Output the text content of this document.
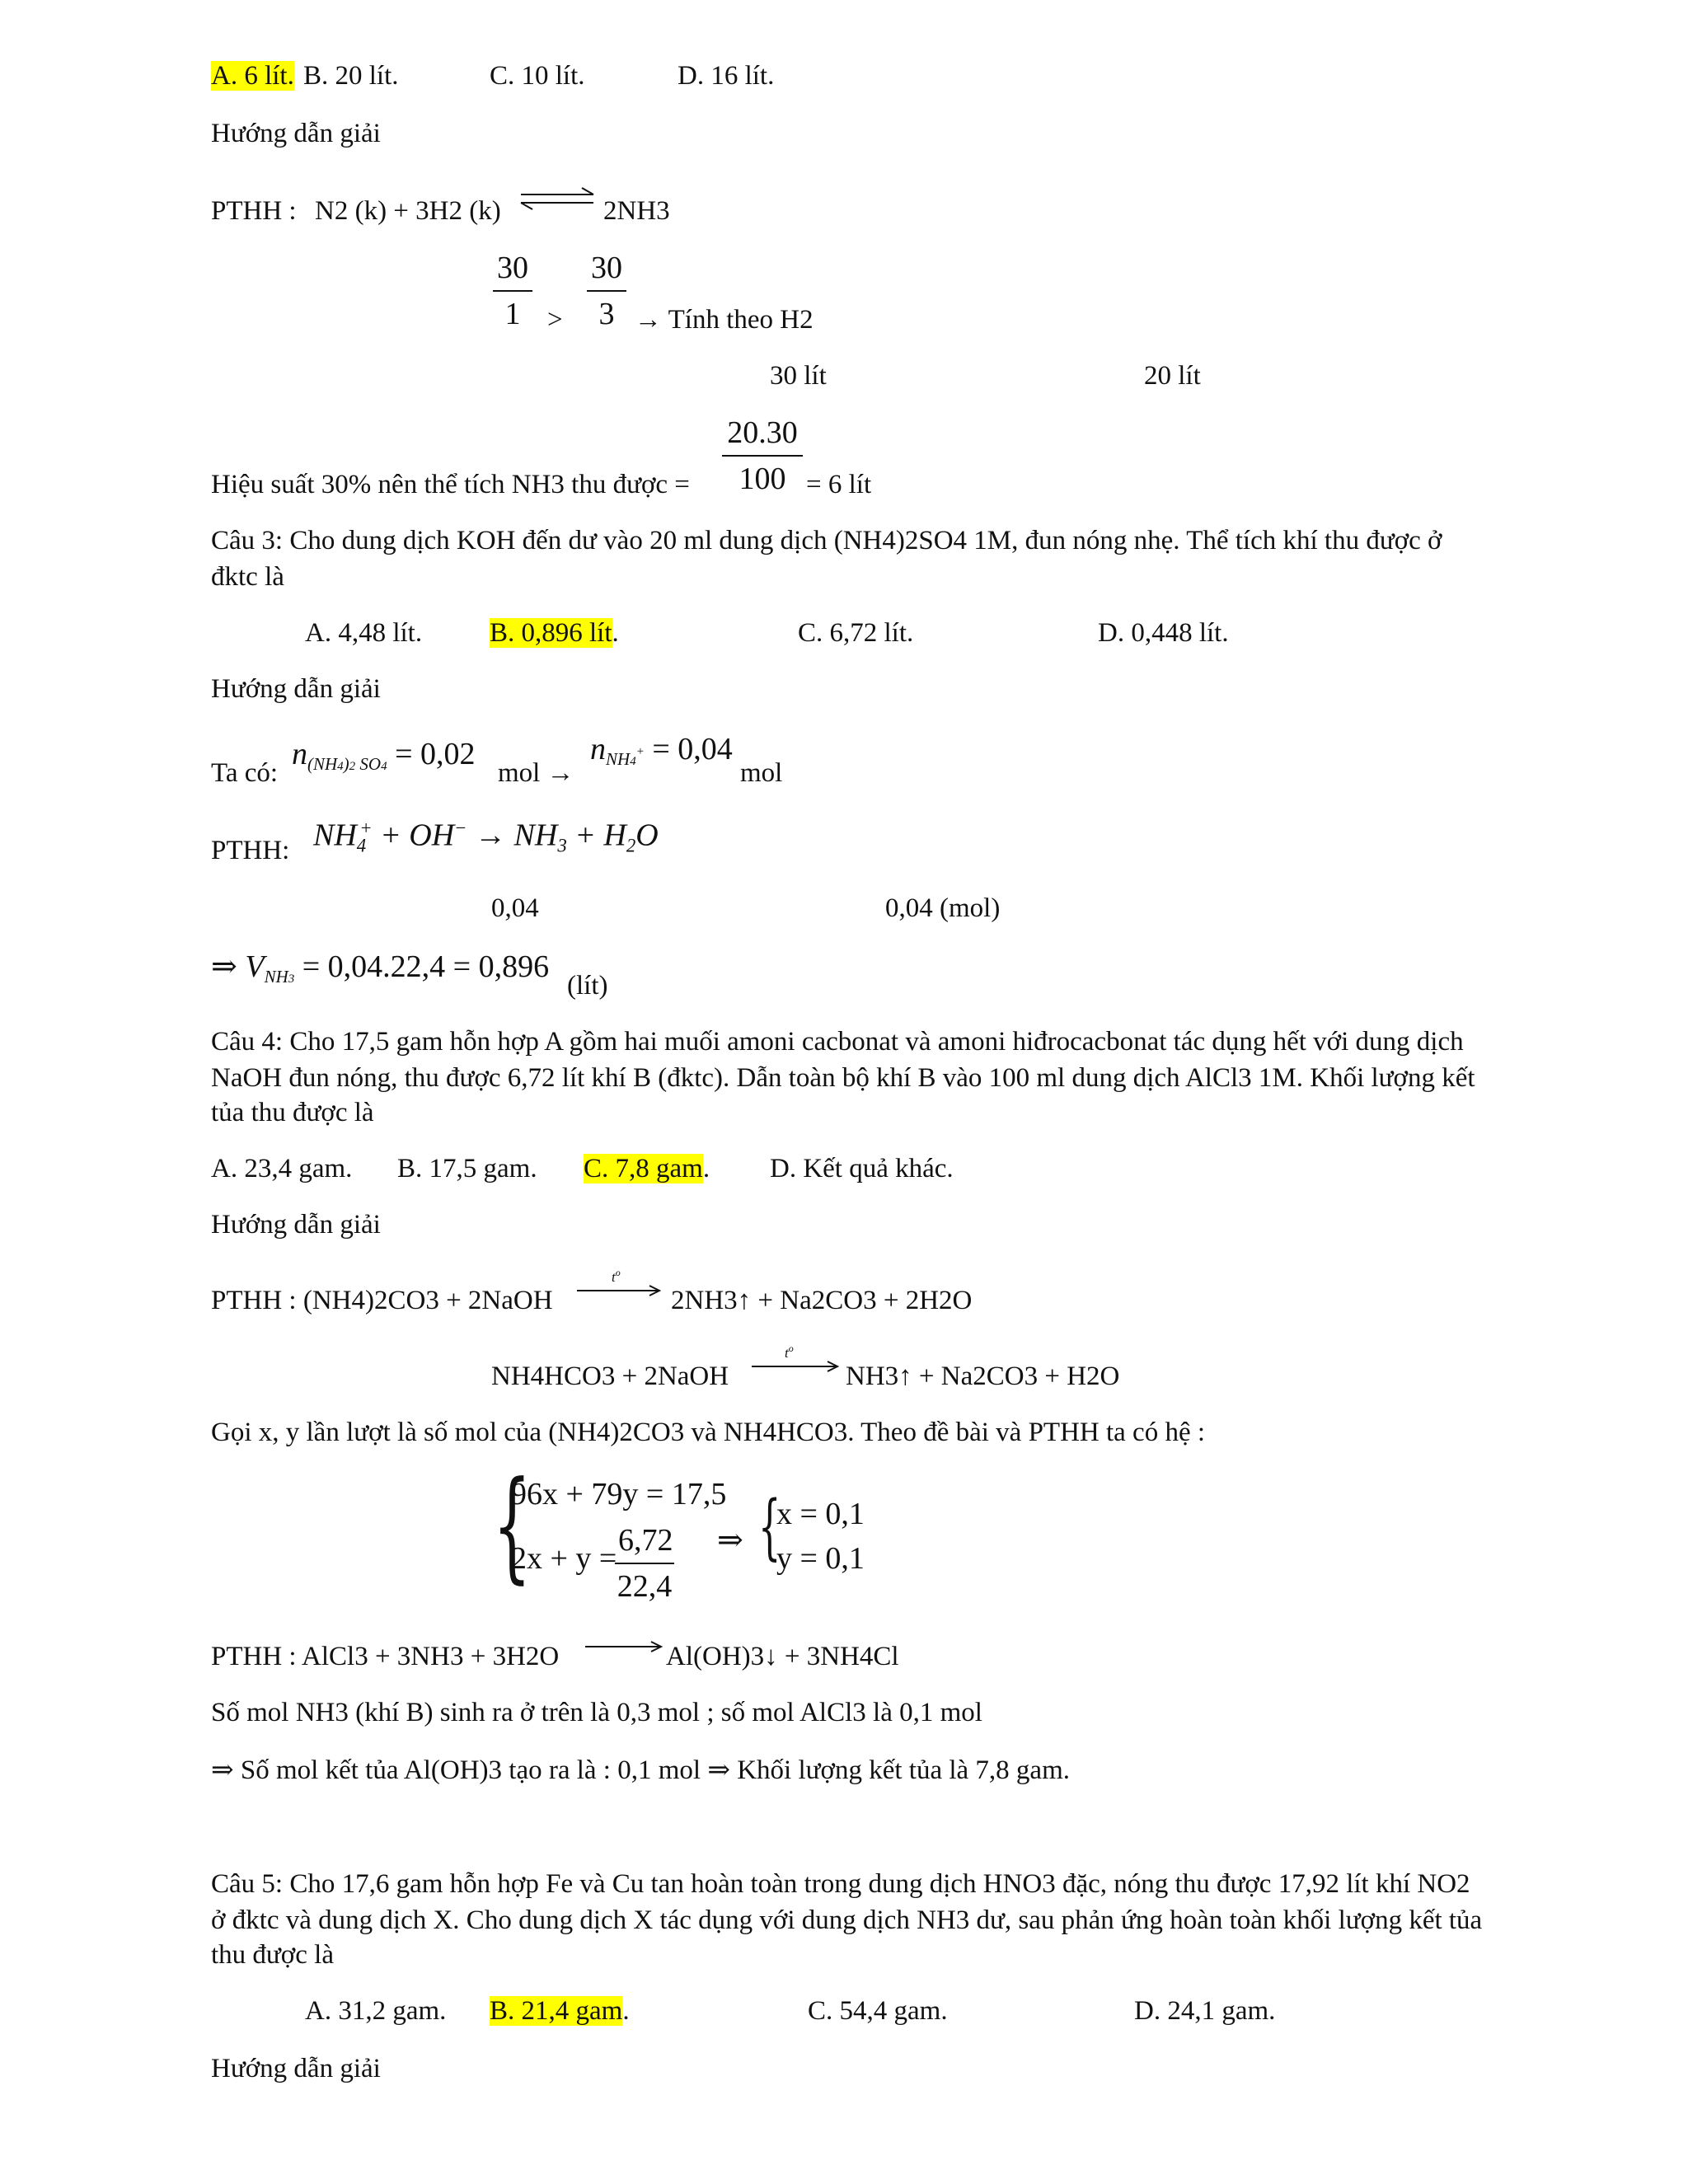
A. 6 lít. B. 20 lít.	C. 10 lít.	D. 16 lít.
Hướng dẫn giải
PTHH : N2 (k) + 3H2 (k) ⇌ 2NH3
$\frac{30}{1} > \frac{30}{3}$ → Tính theo H2
30 lít	20 lít
Hiệu suất 30% nên thể tích NH3 thu được = $\frac{20.30}{100} = 6$ lít
Câu 3: Cho dung dịch KOH đến dư vào 20 ml dung dịch (NH4)2SO4 1M, đun nóng nhẹ. Thể tích khí thu được ở
đktc là
A. 4,48 lít. B. 0,896 lít.	C. 6,72 lít.	D. 0,448 lít.
Hướng dẫn giải
Ta có:
$n_{(NH4)2 SO4} = 0,02$
mol →
$n_{NH4^+} = 0,04$
mol
PTHH: $NH_4^+ + OH^- \to NH_3 + H_2O$
0,04	0,04 (mol)
⇒ $V_{NH3} = 0,04.22,4 = 0,896$
(lít)
Câu 4: Cho 17,5 gam hỗn hợp A gồm hai muối amoni cacbonat và amoni hiđrocacbonat tác dụng hết với dung dịch
NaOH đun nóng, thu được 6,72 lít khí B (đktc). Dẫn toàn bộ khí B vào 100 ml dung dịch AlCl3 1M. Khối lượng kết
tủa thu được là
A. 23,4 gam. B. 17,5 gam. C. 7,8 gam. D. Kết quả khác.
Hướng dẫn giải
PTHH : (NH4)2CO3 + 2NaOH
$t^o$
→ 2NH3↑ + Na2CO3 + 2H2O
NH4HCO3 + 2NaOH
$t^o$
→ NH3↑ + Na2CO3 + H2O
Gọi x, y lần lượt là số mol của (NH4)2CO3 và NH4HCO3. Theo đề bài và PTHH ta có hệ :
{
96x + 79y = 17,5
2x + y =
$\frac{6,72}{22,4}$ ⇒ {
x = 0,1
y = 0,1
PTHH : AlCl3 + 3NH3 + 3H2O → Al(OH)3↓ + 3NH4Cl
Số mol NH3 (khí B) sinh ra ở trên là 0,3 mol ; số mol AlCl3 là 0,1 mol
⇒ Số mol kết tủa Al(OH)3 tạo ra là : 0,1 mol ⇒ Khối lượng kết tủa là 7,8 gam.
Câu 5: Cho 17,6 gam hỗn hợp Fe và Cu tan hoàn toàn trong dung dịch HNO3 đặc, nóng thu được 17,92 lít khí NO2
ở đktc và dung dịch X. Cho dung dịch X tác dụng với dung dịch NH3 dư, sau phản ứng hoàn toàn khối lượng kết tủa
thu được là
A. 31,2 gam. B. 21,4 gam.	C. 54,4 gam.	D. 24,1 gam.
Hướng dẫn giải
